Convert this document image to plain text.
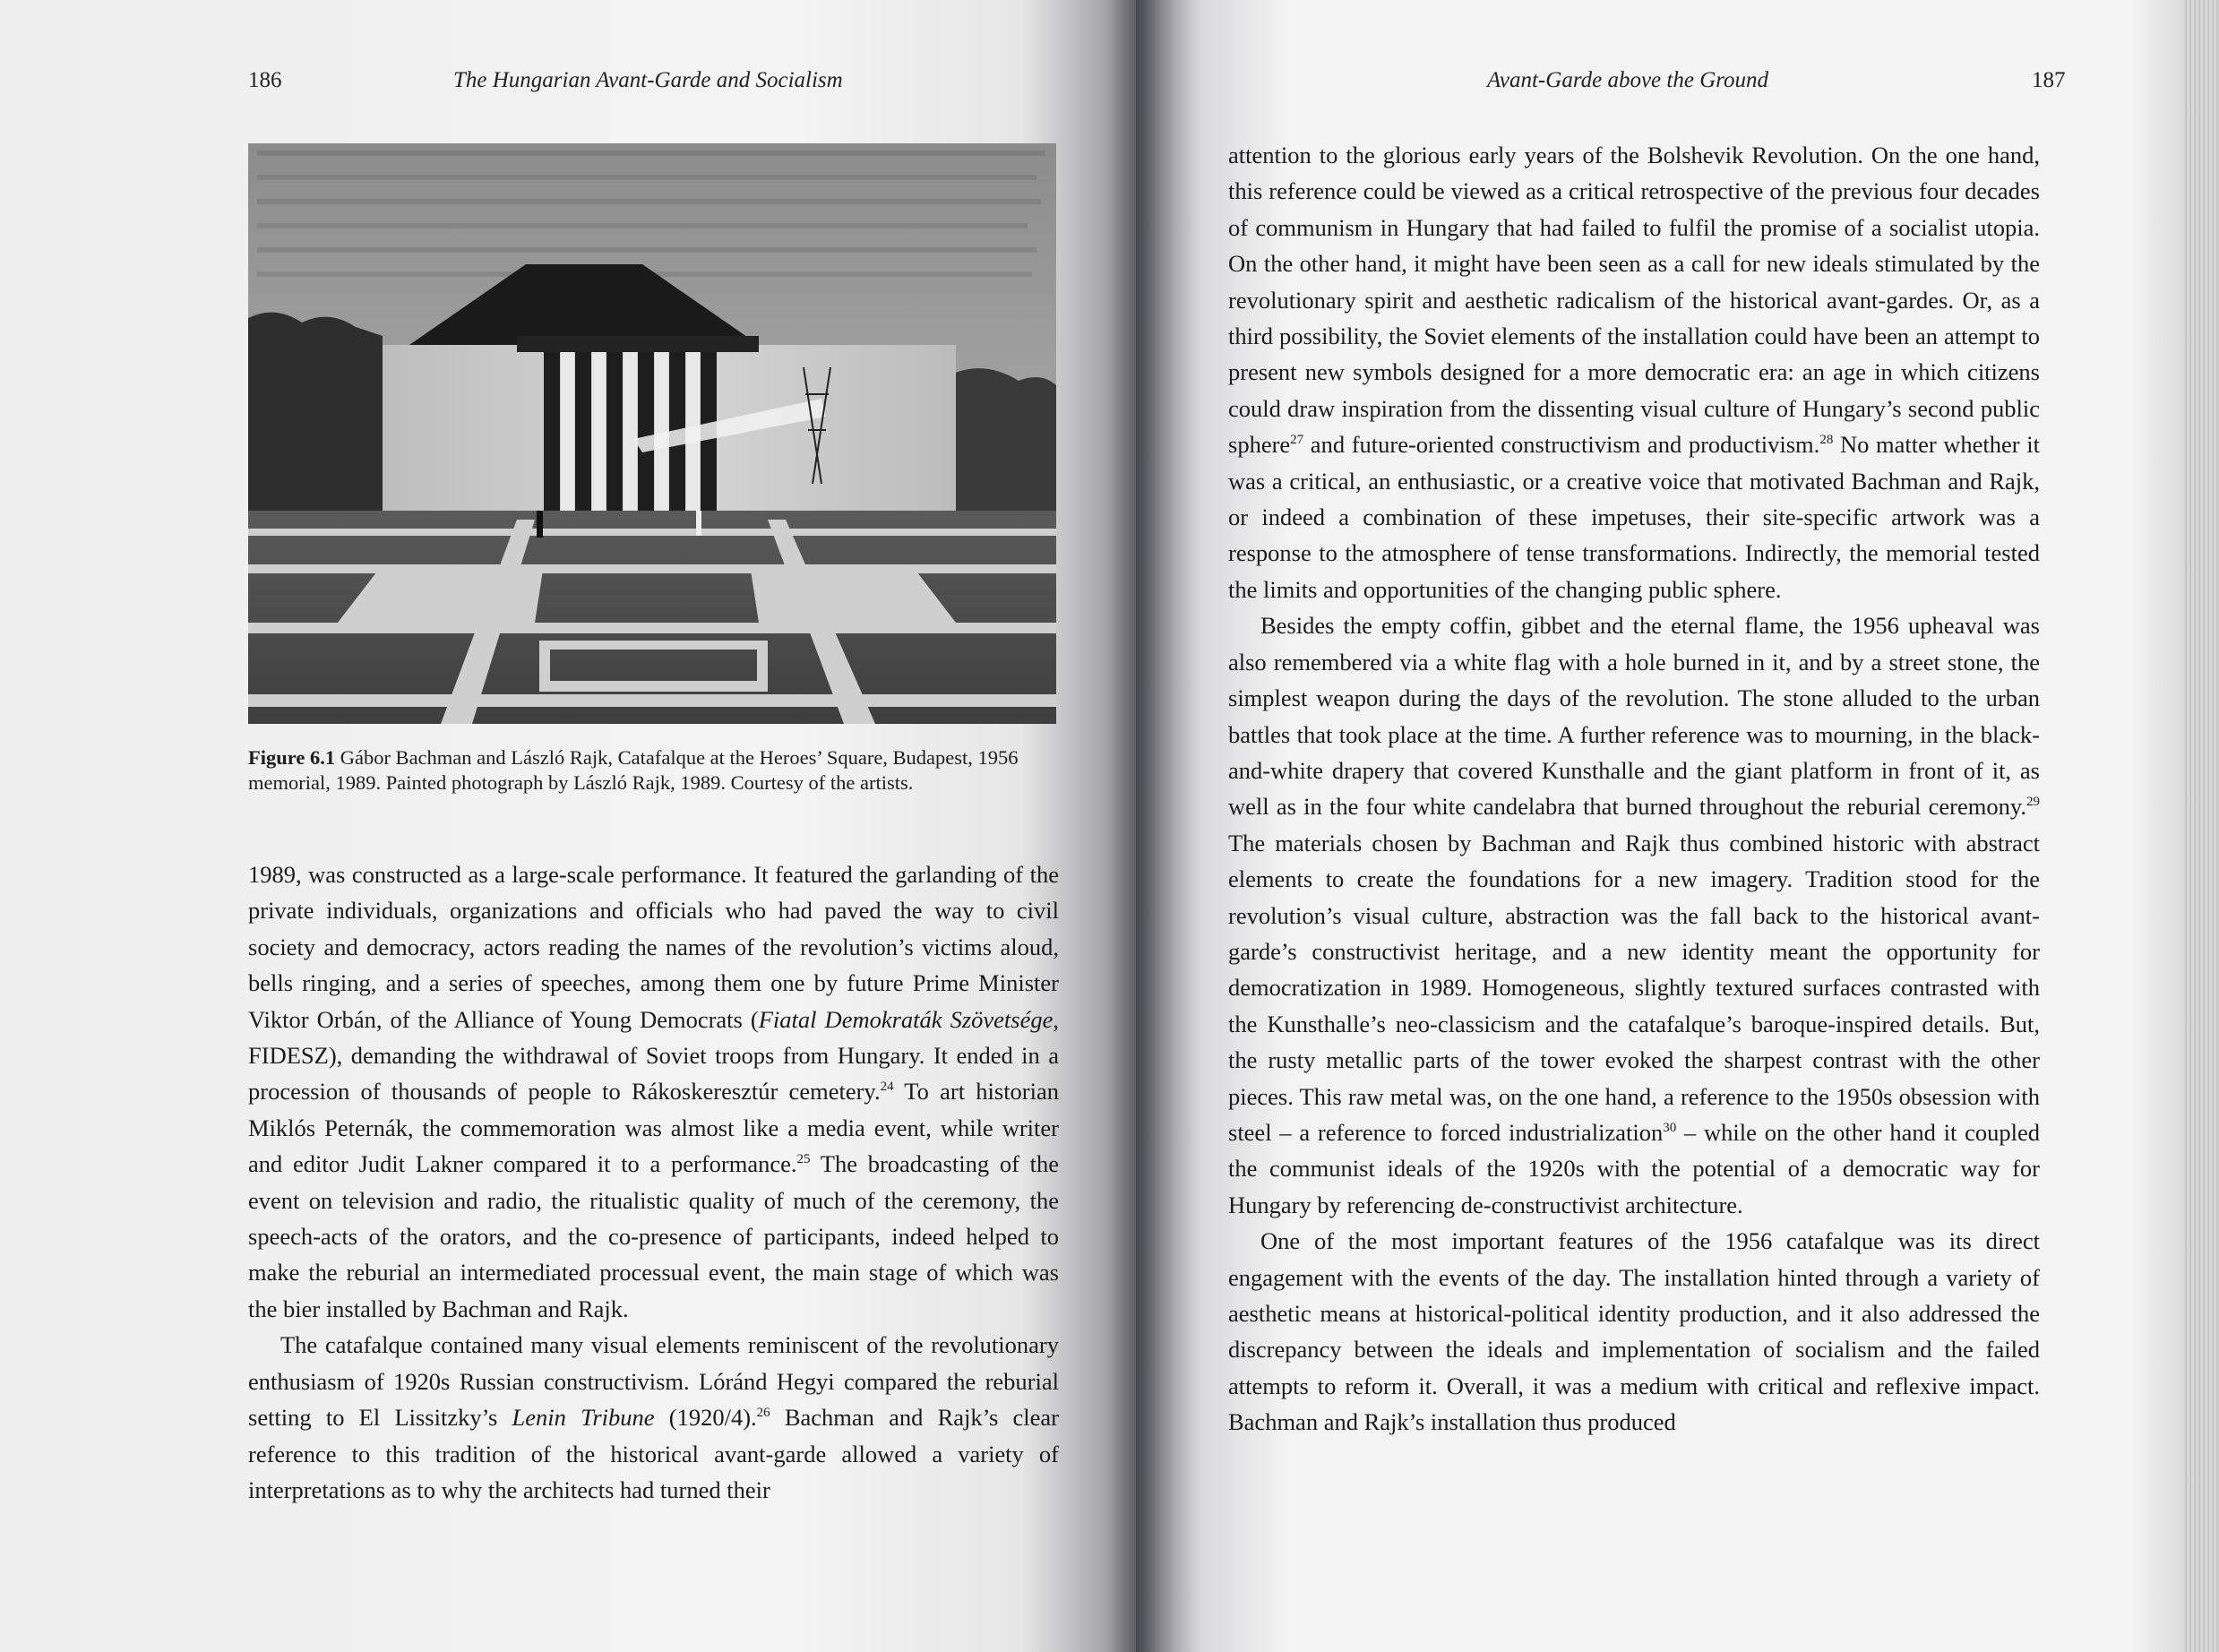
186	The Hungarian Avant-Garde and Socialism
Figure 6.1 Gábor Bachman and László Rajk, Catafalque at the Heroes’ Square, Budapest, 1956 memorial, 1989. Painted photograph by László Rajk, 1989. Courtesy of the artists.

1989, was constructed as a large-scale performance. It featured the garlanding of the private individuals, organizations and officials who had paved the way to civil society and democracy, actors reading the names of the revolution’s victims aloud, bells ringing, and a series of speeches, among them one by future Prime Minister Viktor Orbán, of the Alliance of Young Democrats (Fiatal Demokraták Szövetsége, FIDESZ), demanding the withdrawal of Soviet troops from Hungary. It ended in a procession of thousands of people to Rákoskeresztúr cemetery.$^{24}$ To art historian Miklós Peternák, the commemoration was almost like a media event, while writer and editor Judit Lakner compared it to a performance.$^{25}$ The broadcasting of the event on television and radio, the ritualistic quality of much of the ceremony, the speech-acts of the orators, and the co-presence of participants, indeed helped to make the reburial an intermediated processual event, the main stage of which was the bier installed by Bachman and Rajk.

The catafalque contained many visual elements reminiscent of the revolutionary enthusiasm of 1920s Russian constructivism. Lóránd Hegyi compared the reburial setting to El Lissitzky’s Lenin Tribune (1920/4).$^{26}$ Bachman and Rajk’s clear reference to this tradition of the historical avant-garde allowed a variety of interpretations as to why the architects had turned their

Avant-Garde above the Ground	187

attention to the glorious early years of the Bolshevik Revolution. On the one hand, this reference could be viewed as a critical retrospective of the previous four decades of communism in Hungary that had failed to fulfil the promise of a socialist utopia. On the other hand, it might have been seen as a call for new ideals stimulated by the revolutionary spirit and aesthetic radicalism of the historical avant-gardes. Or, as a third possibility, the Soviet elements of the installation could have been an attempt to present new symbols designed for a more democratic era: an age in which citizens could draw inspiration from the dissenting visual culture of Hungary’s second public sphere$^{27}$ and future-oriented constructivism and productivism.$^{28}$ No matter whether it was a critical, an enthusiastic, or a creative voice that motivated Bachman and Rajk, or indeed a combination of these impetuses, their site-specific artwork was a response to the atmosphere of tense transformations. Indirectly, the memorial tested the limits and opportunities of the changing public sphere.

Besides the empty coffin, gibbet and the eternal flame, the 1956 upheaval was also remembered via a white flag with a hole burned in it, and by a street stone, the simplest weapon during the days of the revolution. The stone alluded to the urban battles that took place at the time. A further reference was to mourning, in the black-and-white drapery that covered Kunsthalle and the giant platform in front of it, as well as in the four white candelabra that burned throughout the reburial ceremony.$^{29}$ The materials chosen by Bachman and Rajk thus combined historic with abstract elements to create the foundations for a new imagery. Tradition stood for the revolution’s visual culture, abstraction was the fall back to the historical avant-garde’s constructivist heritage, and a new identity meant the opportunity for democratization in 1989. Homogeneous, slightly textured surfaces contrasted with the Kunsthalle’s neo-classicism and the catafalque’s baroque-inspired details. But, the rusty metallic parts of the tower evoked the sharpest contrast with the other pieces. This raw metal was, on the one hand, a reference to the 1950s obsession with steel – a reference to forced industrialization$^{30}$ – while on the other hand it coupled the communist ideals of the 1920s with the potential of a democratic way for Hungary by referencing de-constructivist architecture.

One of the most important features of the 1956 catafalque was its direct engagement with the events of the day. The installation hinted through a variety of aesthetic means at historical-political identity production, and it also addressed the discrepancy between the ideals and implementation of socialism and the failed attempts to reform it. Overall, it was a medium with critical and reflexive impact. Bachman and Rajk’s installation thus produced
